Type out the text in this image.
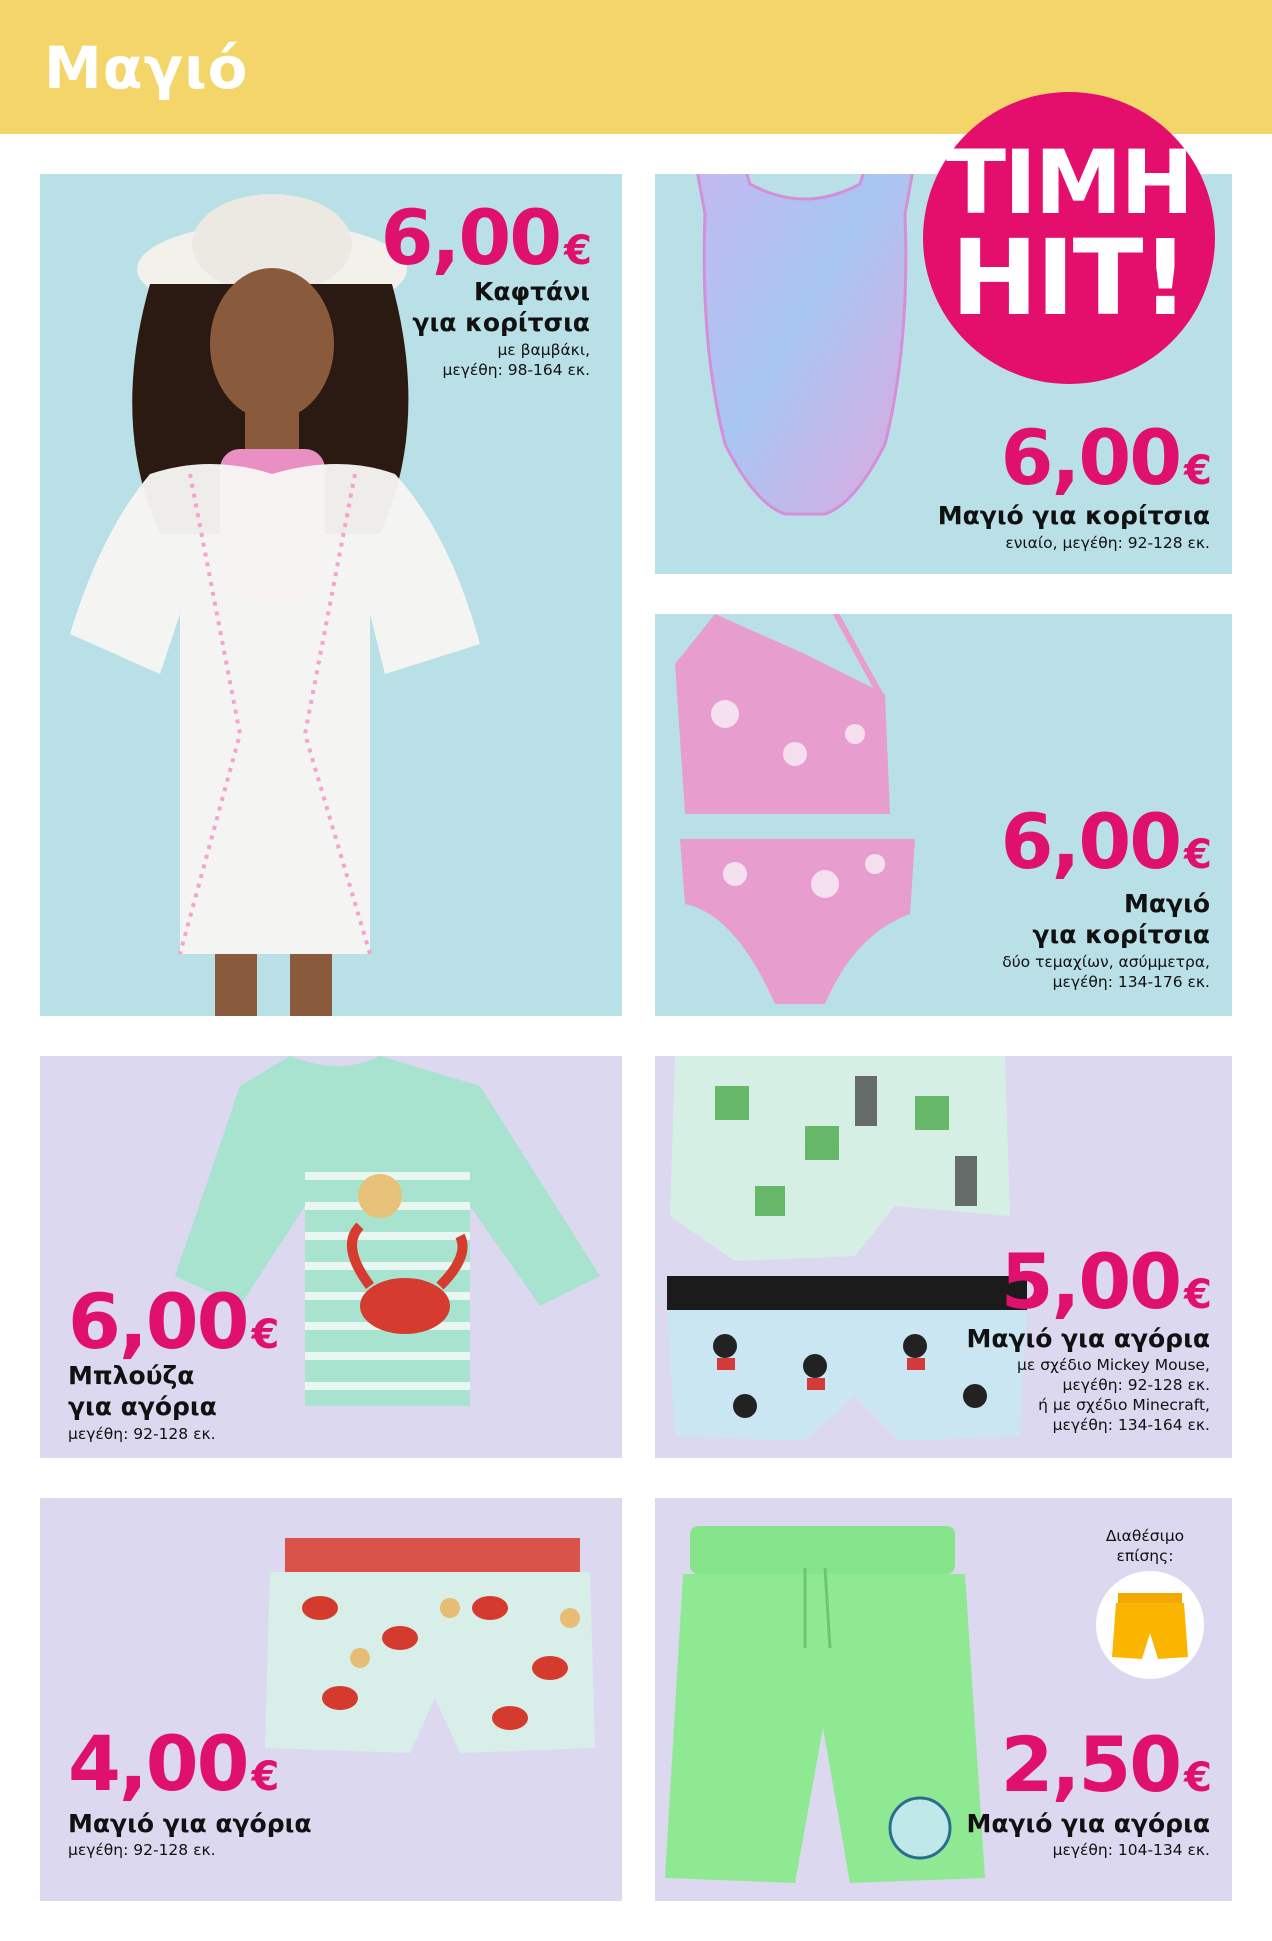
Μαγιό
6,00 €
Καφτάνι
για κορίτσια
με βαμβάκι,
μεγέθη: 98-164 εκ.
6,00 €
Μαγιό για κορίτσια
ενιαίο, μεγέθη: 92-128 εκ.
ΤΙΜΗ
HIT!
6,00 €
Μαγιό
για κορίτσια
δύο τεμαχίων, ασύμμετρα,
μεγέθη: 134-176 εκ.
6,00 €
Μπλούζα
για αγόρια
μεγέθη: 92-128 εκ.
5,00 €
Μαγιό για αγόρια
με σχέδιο Mickey Mouse,
μεγέθη: 92-128 εκ.
ή με σχέδιο Minecraft,
μεγέθη: 134-164 εκ.
4,00 €
Μαγιό για αγόρια
μεγέθη: 92-128 εκ.
Διαθέσιμο
επίσης:
2,50 €
Μαγιό για αγόρια
μεγέθη: 104-134 εκ.
